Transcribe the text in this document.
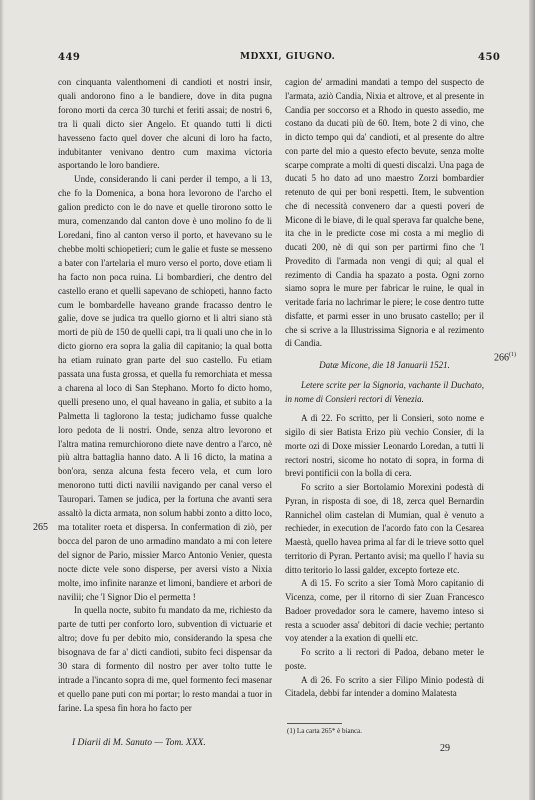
449	MDXXI, GIUGNO.	450

con cinquanta valenthomeni di candioti et nostri insir, quali andorono fino a le bandiere, dove in dita pugna forono morti da cerca 30 turchi et feriti assai; de nostri 6, tra li quali dicto sier Angelo. Et quando tutti li dicti havesseno facto quel dover che alcuni di loro ha facto, indubitanter venivano dentro cum maxima victoria asportando le loro bandiere.

Unde, considerando li cani perder il tempo, a li 13, che fo la Domenica, a bona hora levorono de l'archo el galion predicto con le do nave et quelle tirorono sotto le mura, comenzando dal canton dove è uno molino fo de li Loredani, fino al canton verso il porto, et havevano su le chebbe molti schiopetieri; cum le galie et fuste se messeno a bater con l'artelaria el muro verso el porto, dove etiam li ha facto non poca ruina. Li bombardieri, che dentro del castello erano et quelli sapevano de schiopeti, hanno facto cum le bombardelle haveano grande fracasso dentro le galie, dove se judica tra quello giorno et li altri siano stà morti de più de 150 de quelli capi, tra li quali uno che in lo dicto giorno era sopra la galia dil capitanio; la qual botta ha etiam ruinato gran parte del suo castello. Fu etiam passata una fusta grossa, et quella fu remorchiata et messa a charena al loco di San Stephano. Morto fo dicto homo, quelli preseno uno, el qual haveano in galia, et subito a la Palmetta li taglorono la testa; judichamo fusse qualche loro pedota de li nostri. Onde, senza altro levorono et l'altra matina remurchiorono diete nave dentro a l'arco, nè più altra battaglia hanno dato. A li 16 dicto, la matina a bon'ora, senza alcuna festa fecero vela, et cum loro menorono tutti dicti navilii navigando per canal verso el Tauropari. Tamen se judica, per la fortuna che avanti sera assaltò la dicta armata, non solum habbi zonto a ditto loco, ma totaliter roeta et dispersa. In confermation di ziò, per bocca del paron de uno armadino mandato a mi con letere del signor de Pario, missier Marco Antonio Venier, questa nocte dicte vele sono disperse, per aversi visto a Nixia molte, imo infinite naranze et limoni, bandiere et arbori de navilii; che 'l Signor Dio el permetta !

In quella nocte, subito fu mandato da me, richiesto da parte de tutti per conforto loro, subvention di victuarie et altro; dove fu per debito mio, considerando la spesa che bisognava de far a' dicti candioti, subito feci dispensar da 30 stara di formento dil nostro per aver tolto tutte le intrade a l'incanto sopra di me, quel formento feci masenar et quello pane puti con mi portar; lo resto mandai a tuor in farine. La spesa fin hora ho facto per

cagion de' armadini mandati a tempo del suspecto de l'armata, aziò Candia, Nixia et altrove, et al presente in Candia per soccorso et a Rhodo in questo assedio, me costano da ducati più de 60. Item, bote 2 di vino, che in dicto tempo qui da' candioti, et al presente do altre con parte del mio a questo efecto bevute, senza molte scarpe comprate a molti di questi discalzi. Una paga de ducati 5 ho dato ad uno maestro Zorzi bombardier retenuto de qui per boni respetti. Item, le subvention che di necessità convenero dar a questi poveri de Micone di le biave, di le qual sperava far qualche bene, ita che in le predicte cose mi costa a mi meglio di ducati 200, nè di qui son per partirmi fino che 'l Provedito di l'armada non vengi di qui; al qual el rezimento di Candia ha spazato a posta. Ogni zorno siamo sopra le mure per fabricar le ruine, le qual in veritade faria no lachrimar le piere; le cose dentro tutte disfatte, et parmi esser in uno brusato castello; per il che si scrive a la Illustrissima Signoria e al rezimento di Candia.

Datæ Micone, die 18 Januarii 1521.

Letere scrite per la Signoria, vachante il Duchato, in nome di Consieri rectori di Venezia.

A dì 22. Fo scritto, per li Consieri, soto nome e sigilo di sier Batista Erizo più vechio Consier, di la morte ozi di Doxe missier Leonardo Loredan, a tutti li rectori nostri, sicome ho notato di sopra, in forma di brevi pontificii con la bolla di cera.

Fo scrito a sier Bortolamio Morexini podestà di Pyran, in risposta di soe, di 18, zerca quel Bernardin Rannichel olim castelan di Mumian, qual è venuto a rechieder, in execution de l'acordo fato con la Cesarea Maestà, quello havea prima al far di le trieve sotto quel territorio di Pyran. Pertanto avisi; ma quello l' havia su ditto teritorio lo lassi galder, excepto forteze etc.

A dì 15. Fo scrito a sier Tomà Moro capitanio di Vicenza, come, per il ritorno di sier Zuan Francesco Badoer provedador sora le camere, havemo inteso si resta a scuoder assa' debitori di dacie vechie; pertanto voy atender a la exation di quelli etc.

Fo scrito a li rectori di Padoa, debano meter le poste.

A dì 26. Fo scrito a sier Filipo Minio podestà di Citadela, debbi far intender a domino Malatesta

265
266$^{(1)}$
I Diarii di M. Sanuto — Tom. XXX.
(1) La carta 265* è bianca.
29
